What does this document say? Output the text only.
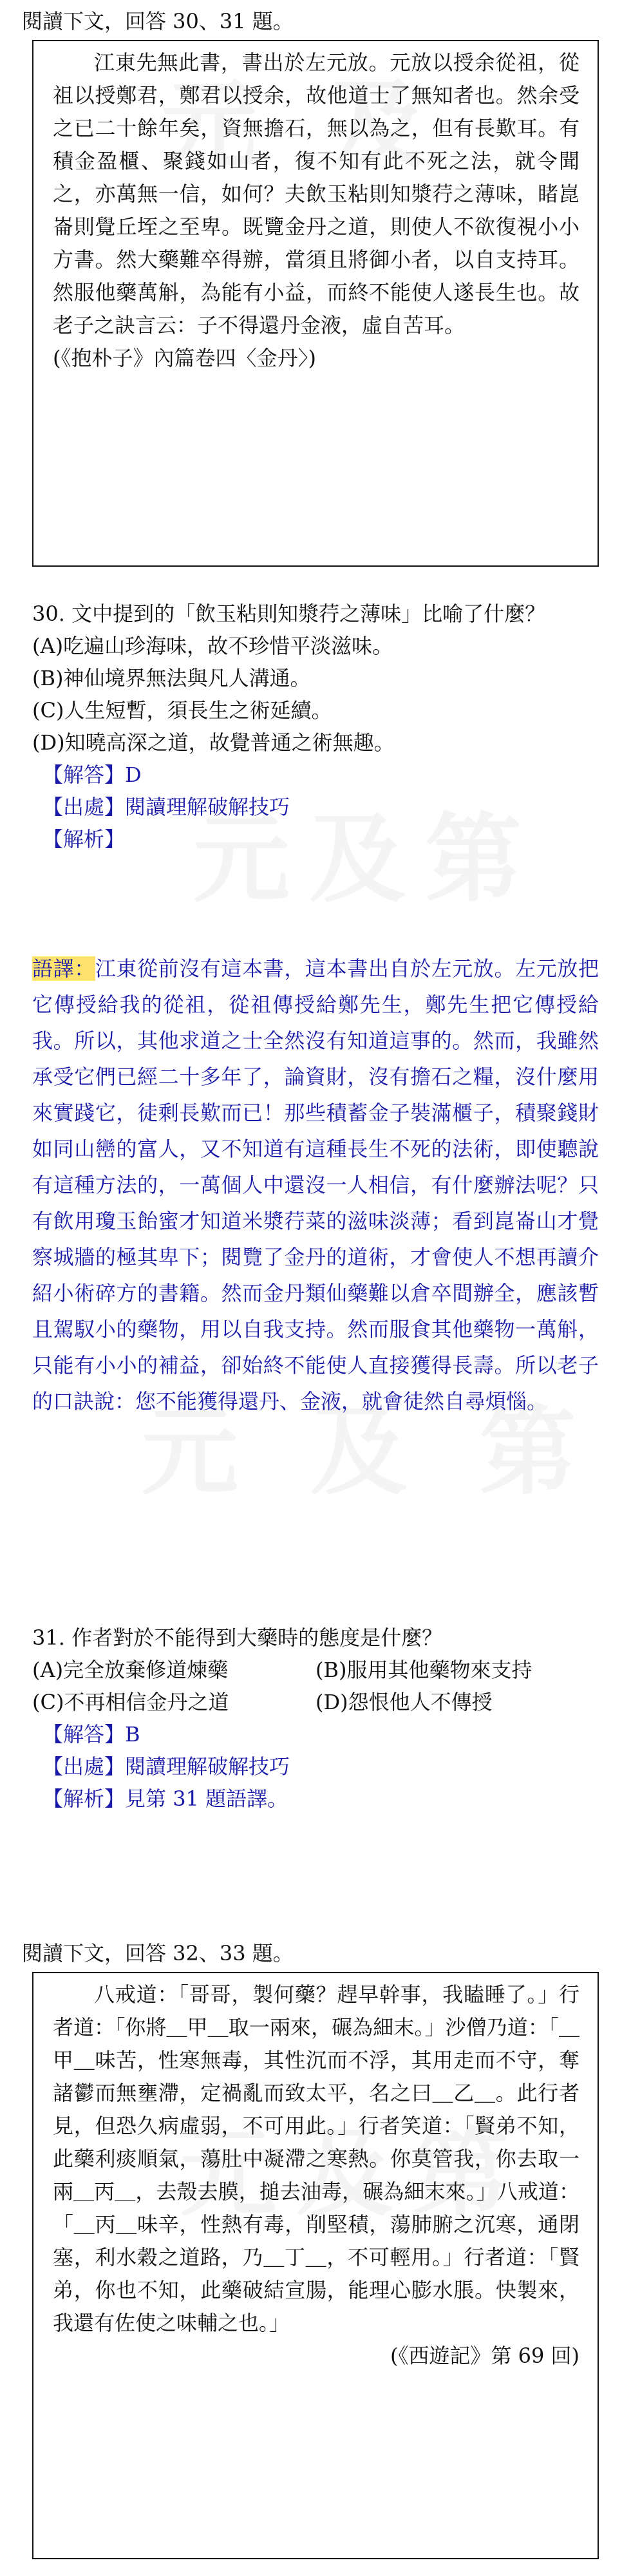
閱讀下文，回答 30、31 題。

江東先無此書，書出於左元放。元放以授余從祖，從祖以授鄭君，鄭君以授余，故他道士了無知者也。然余受之已二十餘年矣，資無擔石，無以為之，但有長歎耳。有積金盈櫃、聚錢如山者，復不知有此不死之法，就令聞之，亦萬無一信，如何？夫飲玉粘則知漿荇之薄味，睹崑崙則覺丘垤之至卑。既覽金丹之道，則使人不欲復視小小方書。然大藥難卒得辦，當須且將御小者，以自支持耳。然服他藥萬斛，為能有小益，而終不能使人遂長生也。故老子之訣言云：子不得還丹金液，虛自苦耳。
(《抱朴子》內篇卷四〈金丹〉)

30. 文中提到的「飲玉粘則知漿荇之薄味」比喻了什麼？

(A)吃遍山珍海味，故不珍惜平淡滋味。

(B)神仙境界無法與凡人溝通。

(C)人生短暫，須長生之術延續。

(D)知曉高深之道，故覺普通之術無趣。

【解答】D

【出處】閱讀理解破解技巧

【解析】

語譯：江東從前沒有這本書，這本書出自於左元放。左元放把它傳授給我的從祖，從祖傳授給鄭先生，鄭先生把它傳授給我。所以，其他求道之士全然沒有知道這事的。然而，我雖然承受它們已經二十多年了，論資財，沒有擔石之糧，沒什麼用來實踐它，徒剩長歎而已！那些積蓄金子裝滿櫃子，積聚錢財如同山巒的富人，又不知道有這種長生不死的法術，即使聽說有這種方法的，一萬個人中還沒一人相信，有什麼辦法呢？只有飲用瓊玉飴蜜才知道米漿荇菜的滋味淡薄；看到崑崙山才覺察城牆的極其卑下；閱覽了金丹的道術，才會使人不想再讀介紹小術碎方的書籍。然而金丹類仙藥難以倉卒間辦全，應該暫且駕馭小的藥物，用以自我支持。然而服食其他藥物一萬斛，只能有小小的補益，卻始終不能使人直接獲得長壽。所以老子的口訣說：您不能獲得還丹、金液，就會徒然自尋煩惱。

31. 作者對於不能得到大藥時的態度是什麼？

(A)完全放棄修道煉藥	(B)服用其他藥物來支持
(C)不再相信金丹之道	(D)怨恨他人不傳授

【解答】B

【出處】閱讀理解破解技巧

【解析】見第 31 題語譯。

閱讀下文，回答 32、33 題。

八戒道：「哥哥，製何藥？趕早幹事，我瞌睡了。」行者道：「你將＿甲＿取一兩來，碾為細末。」沙僧乃道：「＿甲＿味苦，性寒無毒，其性沉而不浮，其用走而不守，奪諸鬱而無壅滯，定禍亂而致太平，名之曰＿乙＿。此行者見，但恐久病虛弱，不可用此。」行者笑道：「賢弟不知，此藥利痰順氣，蕩肚中凝滯之寒熱。你莫管我，你去取一兩＿丙＿，去殼去膜，搥去油毒，碾為細末來。」八戒道：「＿丙＿味辛，性熱有毒，削堅積，蕩肺腑之沉寒，通閉塞，利水穀之道路，乃＿丁＿，不可輕用。」行者道：「賢弟，你也不知，此藥破結宣腸，能理心膨水脹。快製來，我還有佐使之味輔之也。」
(《西遊記》第 69 回)
